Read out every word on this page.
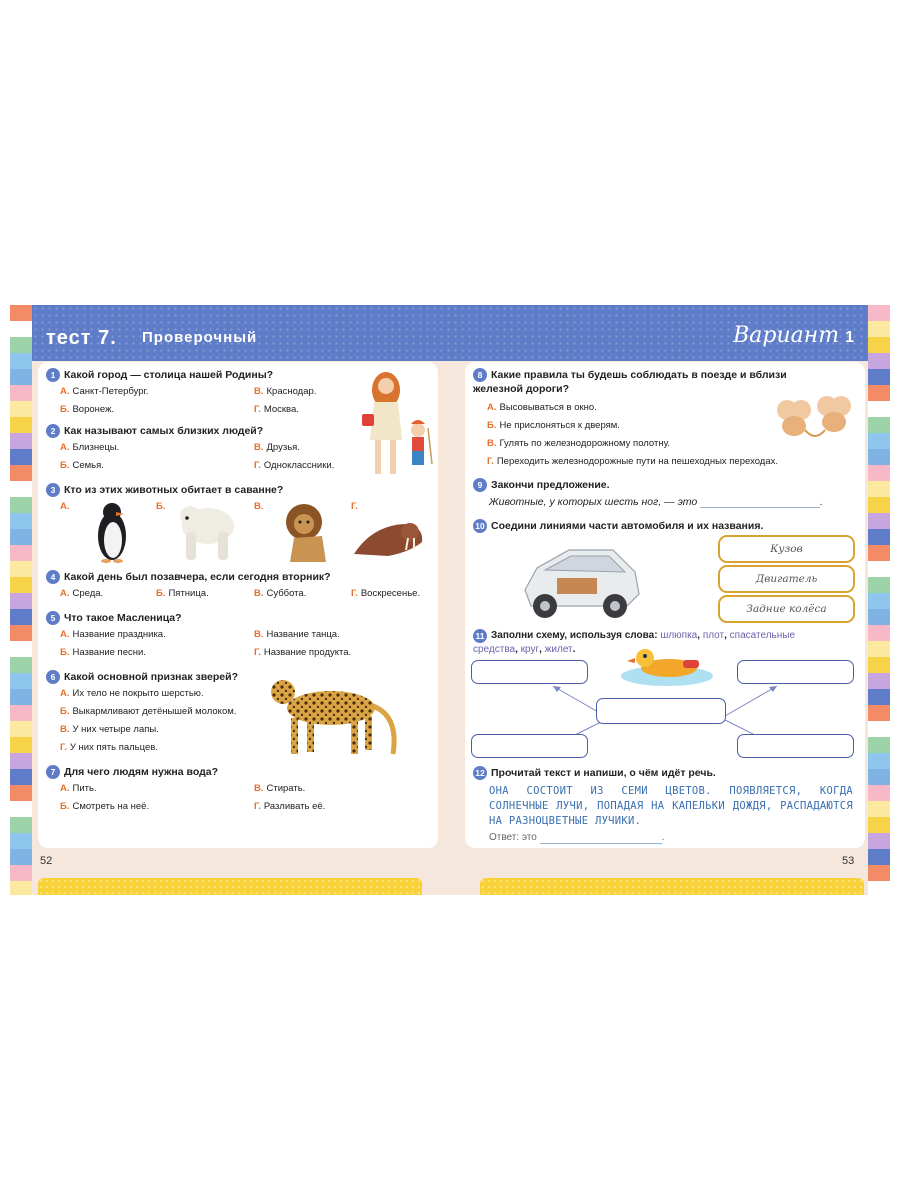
тест 7. Проверочный	Вариант 1
1 Какой город — столица нашей Родины?
А. Санкт-Петербург.
Б. Воронеж.
В. Краснодар.
Г. Москва.
2 Как называют самых близких людей?
А. Близнецы.
Б. Семья.
В. Друзья.
Г. Одноклассники.
3 Кто из этих животных обитает в саванне?
А.	Б.	В.	Г.
4 Какой день был позавчера, если сегодня вторник?
А. Среда.	Б. Пятница.	В. Суббота.	Г. Воскресенье.
5 Что такое Масленица?
А. Название праздника.
Б. Название песни.
В. Название танца.
Г. Название продукта.
6 Какой основной признак зверей?
А. Их тело не покрыто шерстью.
Б. Выкармливают детёнышей молоком.
В. У них четыре лапы.
Г. У них пять пальцев.
7 Для чего людям нужна вода?
А. Пить.
Б. Смотреть на неё.
В. Стирать.
Г. Разливать её.
8 Какие правила ты будешь соблюдать в поезде и вблизи железной дороги?
А. Высовываться в окно.
Б. Не прислоняться к дверям.
В. Гулять по железнодорожному полотну.
Г. Переходить железнодорожные пути на пешеходных переходах.
9 Закончи предложение.
Животные, у которых шесть ног, — это	.
10 Соедини линиями части автомобиля и их названия.
Кузов
Двигатель
Задние колёса
11 Заполни схему, используя слова: шлюпка, плот, спасательные средства, круг, жилет.
12 Прочитай текст и напиши, о чём идёт речь.
ОНА СОСТОИТ ИЗ СЕМИ ЦВЕТОВ. ПОЯВЛЯЕТСЯ, КОГДА СОЛНЕЧНЫЕ ЛУЧИ, ПОПАДАЯ НА КАПЕЛЬКИ ДОЖДЯ, РАСПАДАЮТСЯ НА РАЗНОЦВЕТНЫЕ ЛУЧИКИ.
Ответ: это	.
52	53
